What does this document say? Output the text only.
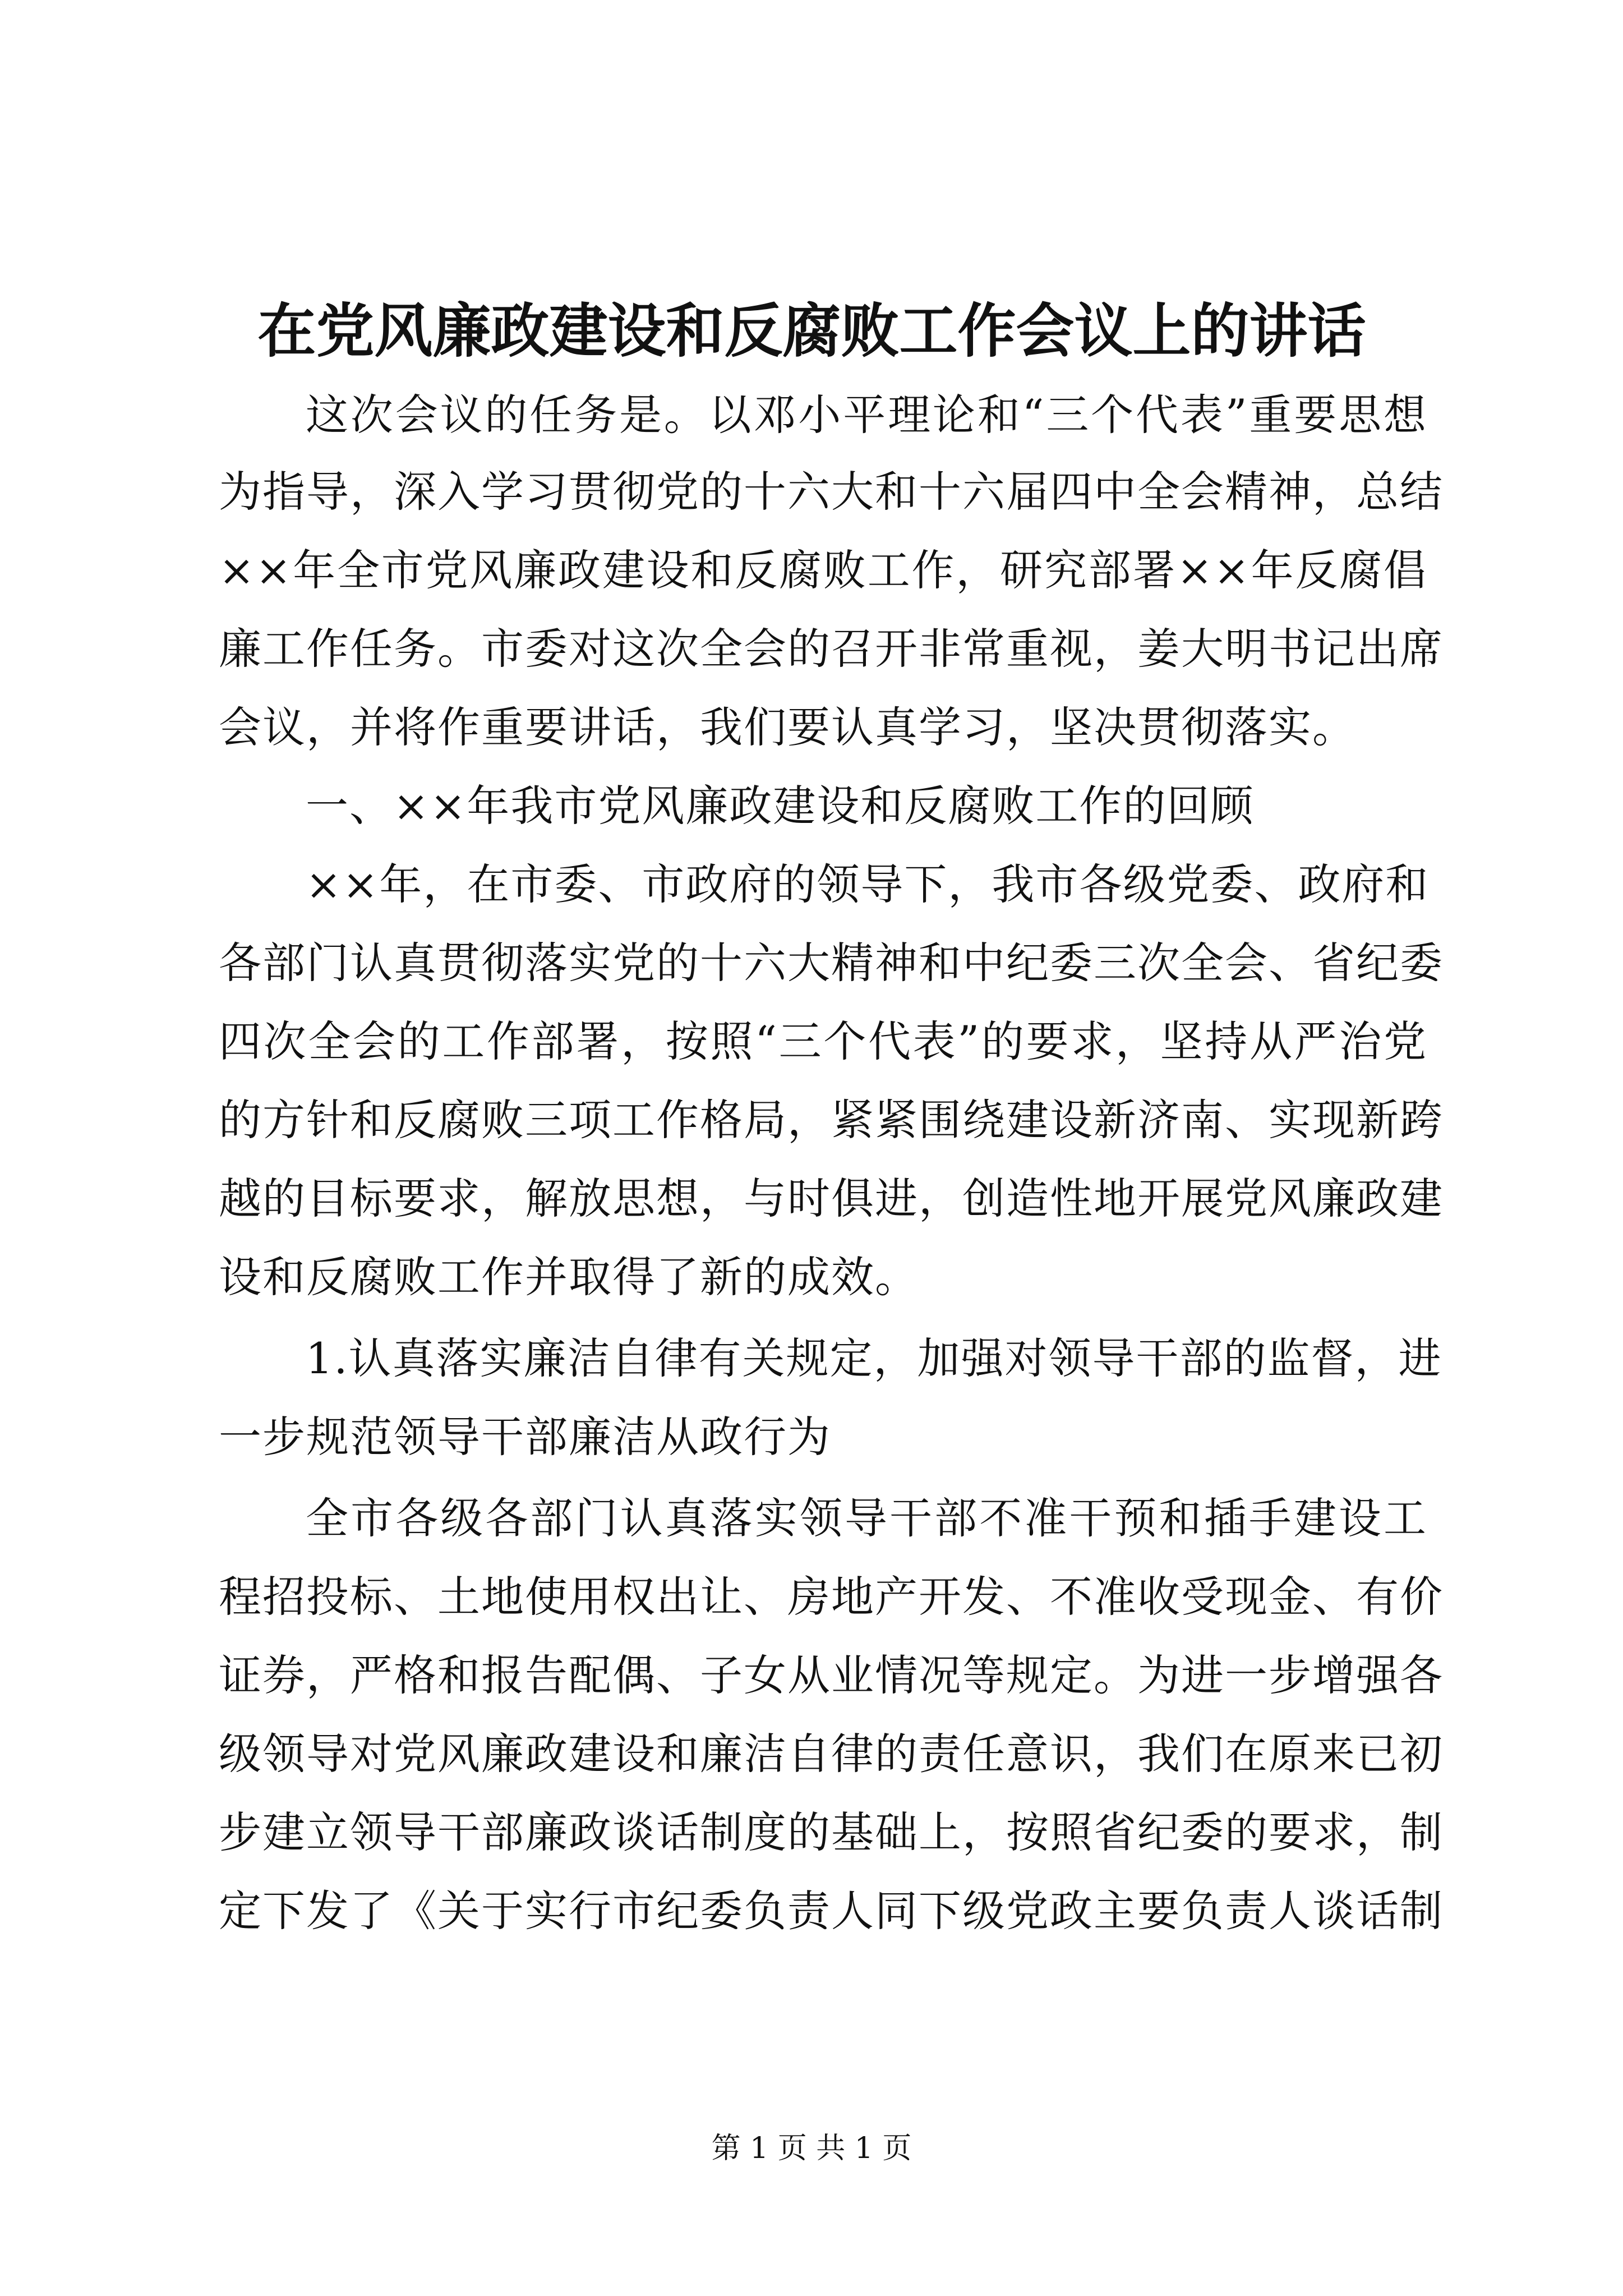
在党风廉政建设和反腐败工作会议上的讲话
这次会议的任务是。以邓小平理论和“三个代表”重要思想
为指导，深入学习贯彻党的十六大和十六届四中全会精神，总结
××年全市党风廉政建设和反腐败工作，研究部署××年反腐倡
廉工作任务。市委对这次全会的召开非常重视，姜大明书记出席
会议，并将作重要讲话，我们要认真学习，坚决贯彻落实。
一、××年我市党风廉政建设和反腐败工作的回顾
××年，在市委、市政府的领导下，我市各级党委、政府和
各部门认真贯彻落实党的十六大精神和中纪委三次全会、省纪委
四次全会的工作部署，按照“三个代表”的要求，坚持从严治党
的方针和反腐败三项工作格局，紧紧围绕建设新济南、实现新跨
越的目标要求，解放思想，与时俱进，创造性地开展党风廉政建
设和反腐败工作并取得了新的成效。
1.认真落实廉洁自律有关规定，加强对领导干部的监督，进
一步规范领导干部廉洁从政行为
全市各级各部门认真落实领导干部不准干预和插手建设工
程招投标、土地使用权出让、房地产开发、不准收受现金、有价
证券，严格和报告配偶、子女从业情况等规定。为进一步增强各
级领导对党风廉政建设和廉洁自律的责任意识，我们在原来已初
步建立领导干部廉政谈话制度的基础上，按照省纪委的要求，制
定下发了《关于实行市纪委负责人同下级党政主要负责人谈话制
第 1 页 共 1 页
